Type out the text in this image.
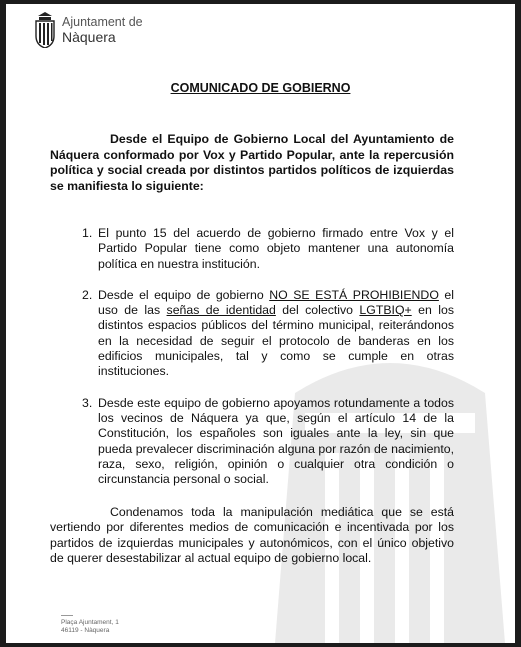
Ajuntament de
Nàquera
COMUNICADO DE GOBIERNO
Desde el Equipo de Gobierno Local del Ayuntamiento de Náquera conformado por Vox y Partido Popular, ante la repercusión política y social creada por distintos partidos políticos de izquierdas se manifiesta lo siguiente:
1. El punto 15 del acuerdo de gobierno firmado entre Vox y el Partido Popular tiene como objeto mantener una autonomía política en nuestra institución.
2. Desde el equipo de gobierno NO SE ESTÁ PROHIBIENDO el uso de las señas de identidad del colectivo LGTBIQ+ en los distintos espacios públicos del término municipal, reiterándonos en la necesidad de seguir el protocolo de banderas en los edificios municipales, tal y como se cumple en otras instituciones.
3. Desde este equipo de gobierno apoyamos rotundamente a todos los vecinos de Náquera ya que, según el artículo 14 de la Constitución, los españoles son iguales ante la ley, sin que pueda prevalecer discriminación alguna por razón de nacimiento, raza, sexo, religión, opinión o cualquier otra condición o circunstancia personal o social.
Condenamos toda la manipulación mediática que se está vertiendo por diferentes medios de comunicación e incentivada por los partidos de izquierdas municipales y autonómicos, con el único objetivo de querer desestabilizar al actual equipo de gobierno local.
Plaça Ajuntament, 1
46119 - Nàquera
